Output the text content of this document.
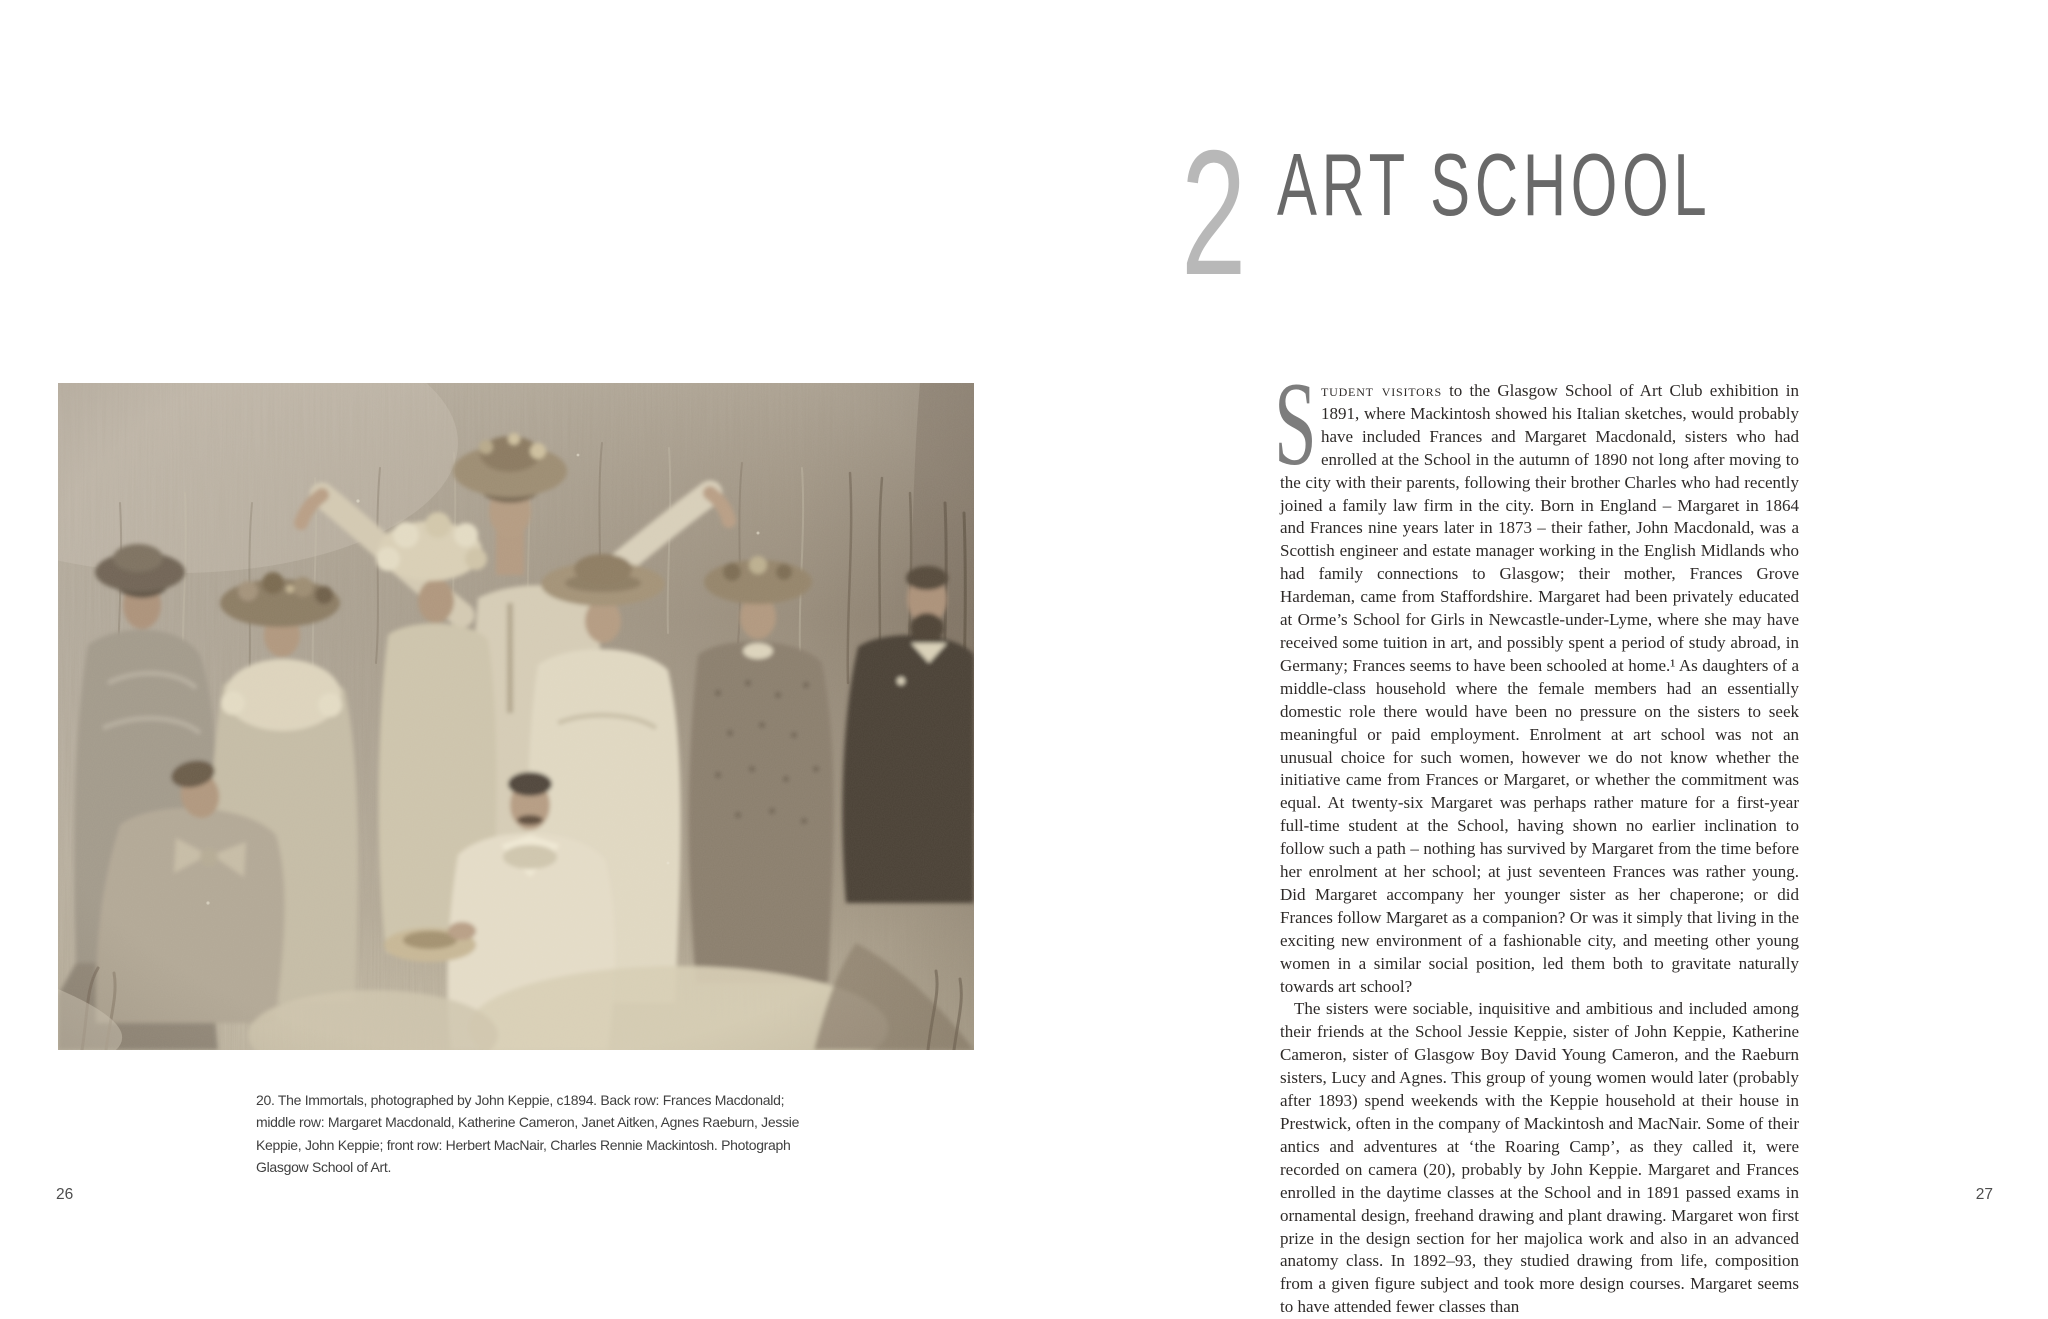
20. The Immortals, photographed by John Keppie, c1894. Back row: Frances Macdonald; middle row: Margaret Macdonald, Katherine Cameron, Janet Aitken, Agnes Raeburn, Jessie Keppie, John Keppie; front row: Herbert MacNair, Charles Rennie Mackintosh. Photograph Glasgow School of Art.
26
2 ART SCHOOL

Student visitors to the Glasgow School of Art Club exhibition in 1891, where Mackintosh showed his Italian sketches, would probably have included Frances and Margaret Macdonald, sisters who had enrolled at the School in the autumn of 1890 not long after moving to the city with their parents, following their brother Charles who had recently joined a family law firm in the city. Born in England – Margaret in 1864 and Frances nine years later in 1873 – their father, John Macdonald, was a Scottish engineer and estate manager working in the English Midlands who had family connections to Glasgow; their mother, Frances Grove Hardeman, came from Staffordshire. Margaret had been privately educated at Orme’s School for Girls in Newcastle-under-Lyme, where she may have received some tuition in art, and possibly spent a period of study abroad, in Germany; Frances seems to have been schooled at home.¹ As daughters of a middle-class household where the female members had an essentially domestic role there would have been no pressure on the sisters to seek meaningful or paid employment. Enrolment at art school was not an unusual choice for such women, however we do not know whether the initiative came from Frances or Margaret, or whether the commitment was equal. At twenty-six Margaret was perhaps rather mature for a first-year full-time student at the School, having shown no earlier inclination to follow such a path – nothing has survived by Margaret from the time before her enrolment at her school; at just seventeen Frances was rather young. Did Margaret accompany her younger sister as her chaperone; or did Frances follow Margaret as a companion? Or was it simply that living in the exciting new environment of a fashionable city, and meeting other young women in a similar social position, led them both to gravitate naturally towards art school?

The sisters were sociable, inquisitive and ambitious and included among their friends at the School Jessie Keppie, sister of John Keppie, Katherine Cameron, sister of Glasgow Boy David Young Cameron, and the Raeburn sisters, Lucy and Agnes. This group of young women would later (probably after 1893) spend weekends with the Keppie household at their house in Prestwick, often in the company of Mackintosh and MacNair. Some of their antics and adventures at ‘the Roaring Camp’, as they called it, were recorded on camera (20), probably by John Keppie. Margaret and Frances enrolled in the daytime classes at the School and in 1891 passed exams in ornamental design, freehand drawing and plant drawing. Margaret won first prize in the design section for her majolica work and also in an advanced anatomy class. In 1892–93, they studied drawing from life, composition from a given figure subject and took more design courses. Margaret seems to have attended fewer classes than

27
